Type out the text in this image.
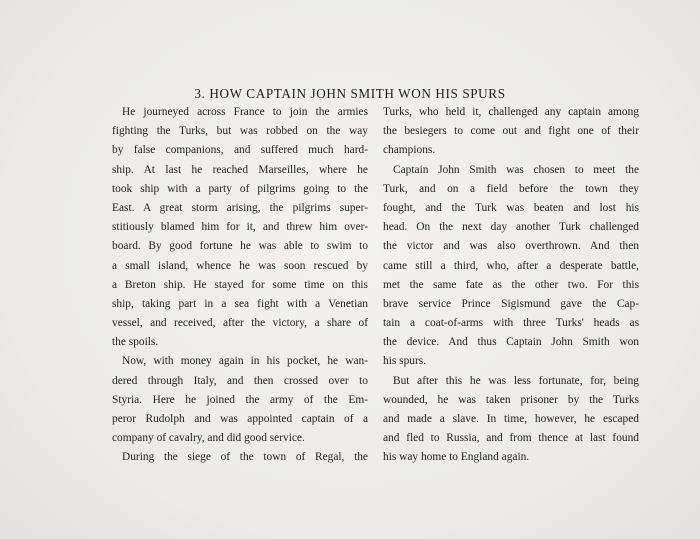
3. HOW CAPTAIN JOHN SMITH WON HIS SPURS
He journeyed across France to join the armies
fighting the Turks, but was robbed on the way
by false companions, and suffered much hard-
ship. At last he reached Marseilles, where he
took ship with a party of pilgrims going to the
East. A great storm arising, the pilgrims super-
stitiously blamed him for it, and threw him over-
board. By good fortune he was able to swim to
a small island, whence he was soon rescued by
a Breton ship. He stayed for some time on this
ship, taking part in a sea fight with a Venetian
vessel, and received, after the victory, a share of
the spoils.
Now, with money again in his pocket, he wan-
dered through Italy, and then crossed over to
Styria. Here he joined the army of the Em-
peror Rudolph and was appointed captain of a
company of cavalry, and did good service.
During the siege of the town of Regal, the
Turks, who held it, challenged any captain among
the besiegers to come out and fight one of their
champions.
Captain John Smith was chosen to meet the
Turk, and on a field before the town they
fought, and the Turk was beaten and lost his
head. On the next day another Turk challenged
the victor and was also overthrown. And then
came still a third, who, after a desperate battle,
met the same fate as the other two. For this
brave service Prince Sigismund gave the Cap-
tain a coat-of-arms with three Turks' heads as
the device. And thus Captain John Smith won
his spurs.
But after this he was less fortunate, for, being
wounded, he was taken prisoner by the Turks
and made a slave. In time, however, he escaped
and fled to Russia, and from thence at last found
his way home to England again.
